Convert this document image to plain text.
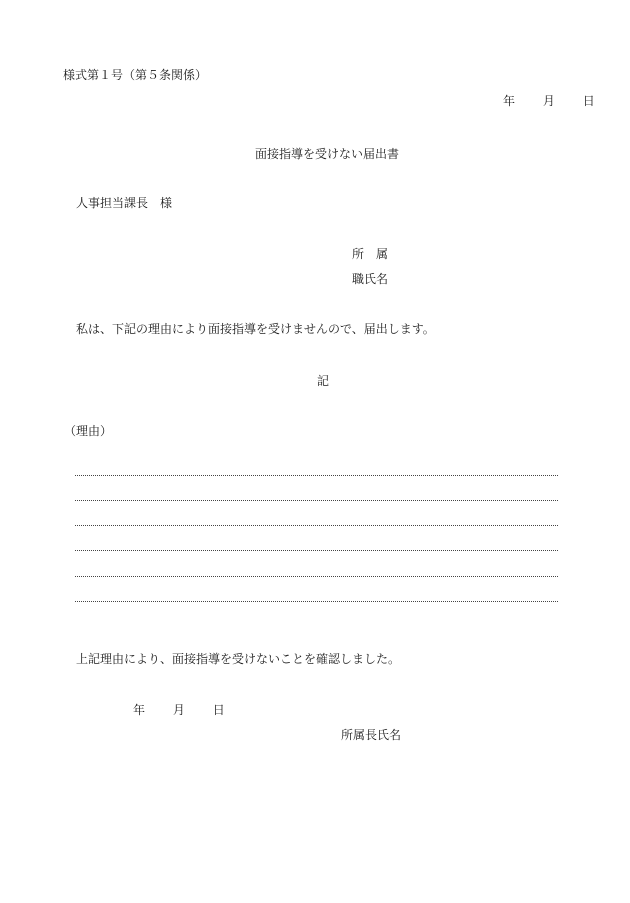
様式第１号（第５条関係）
年 月 日
面接指導を受けない届出書
人事担当課長　様
所　属
職氏名
私は、下記の理由により面接指導を受けませんので、届出します。
記
（理由）
上記理由により、面接指導を受けないことを確認しました。
年 月 日
所属長氏名
